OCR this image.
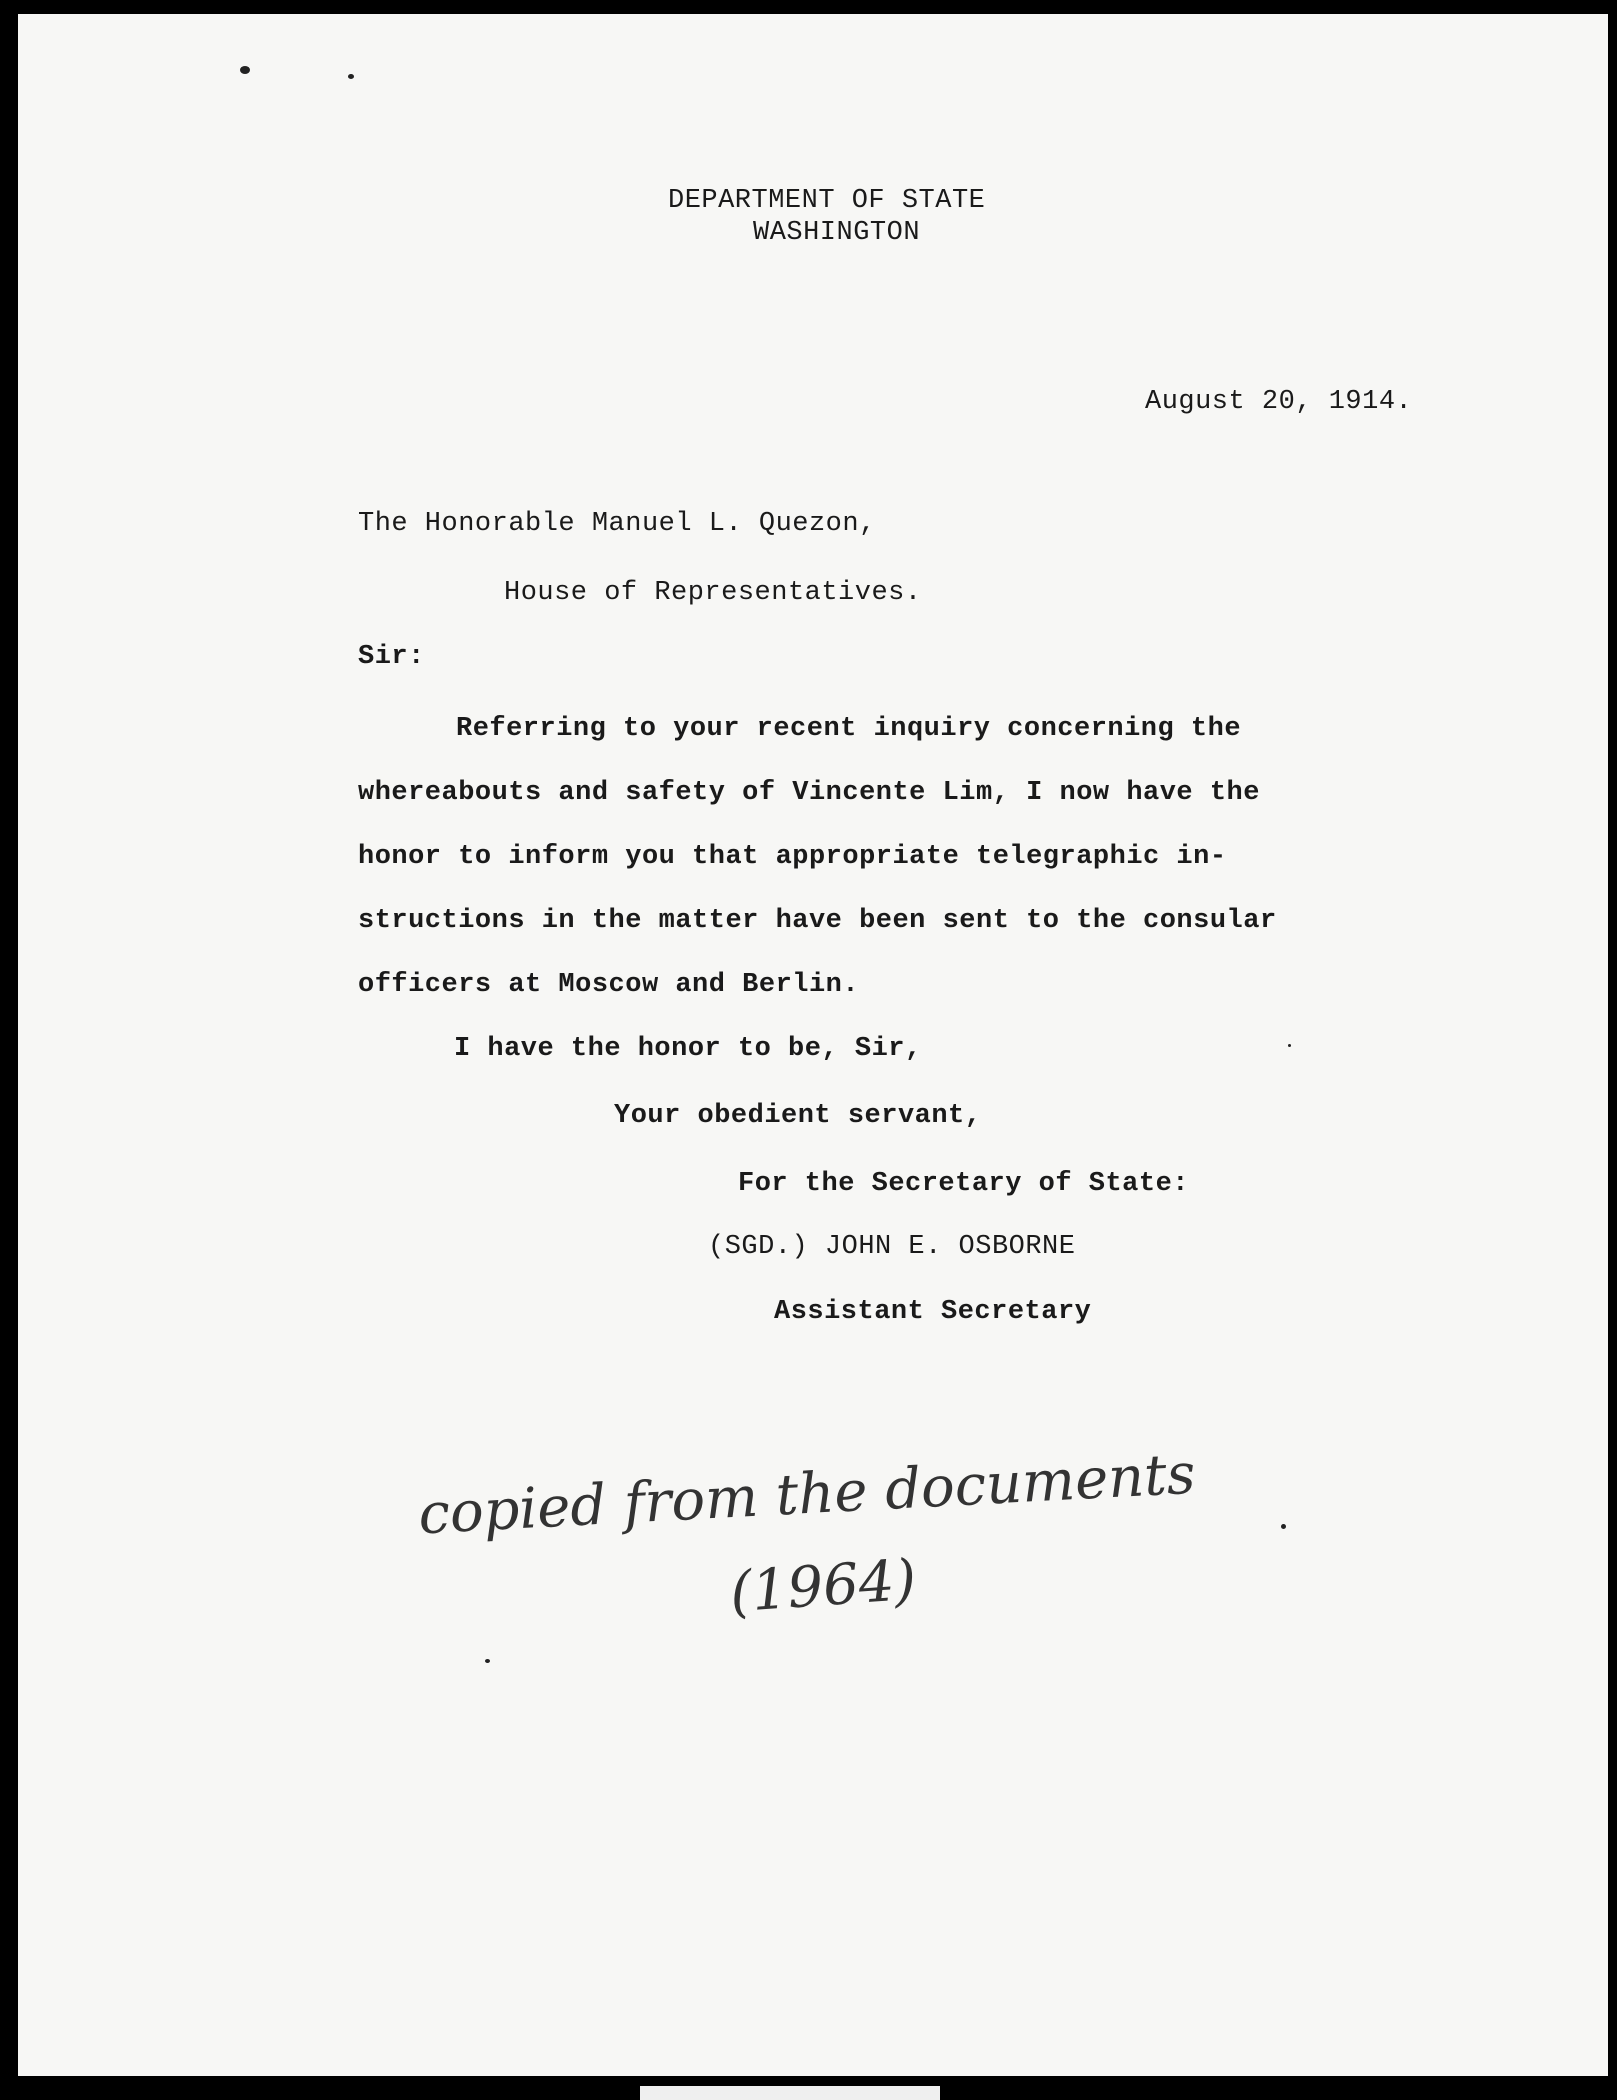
DEPARTMENT OF STATE
WASHINGTON
August 20, 1914.
The Honorable Manuel L. Quezon,
House of Representatives.
Sir:
Referring to your recent inquiry concerning the
whereabouts and safety of Vincente Lim, I now have the
honor to inform you that appropriate telegraphic in-
structions in the matter have been sent to the consular
officers at Moscow and Berlin.
I have the honor to be, Sir,
Your obedient servant,
For the Secretary of State:
(SGD.) JOHN E. OSBORNE
Assistant Secretary
copied from the documents
(1964)
